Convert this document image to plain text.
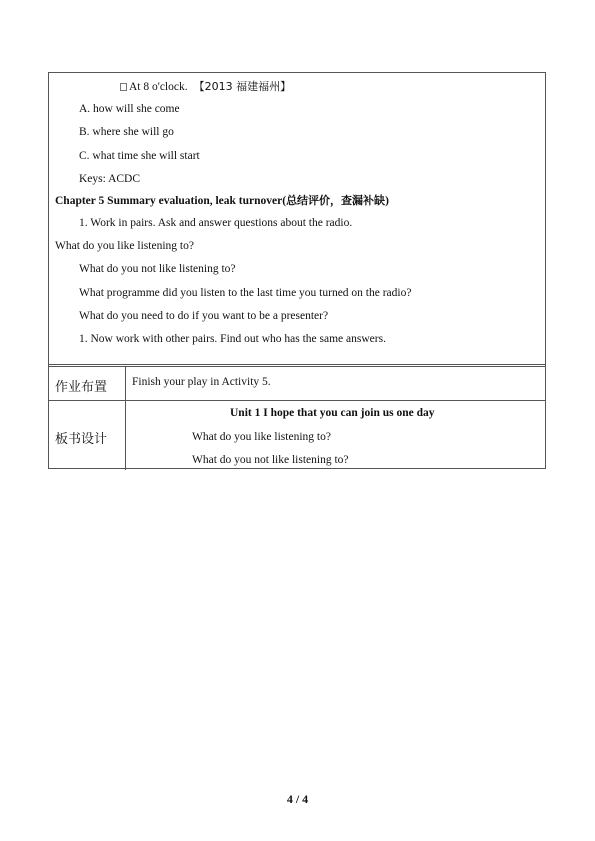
At 8 o'clock. 【2013 福建福州】
A. how will she come
B. where she will go
C. what time she will start
Keys: ACDC
Chapter 5 Summary evaluation, leak turnover(总结评价，查漏补缺)
1. Work in pairs. Ask and answer questions about the radio.
What do you like listening to?
What do you not like listening to?
What programme did you listen to the last time you turned on the radio?
What do you need to do if you want to be a presenter?
1. Now work with other pairs. Find out who has the same answers.
作业布置 Finish your play in Activity 5.
板书设计
Unit 1 I hope that you can join us one day
What do you like listening to?
What do you not like listening to?
4 / 4
